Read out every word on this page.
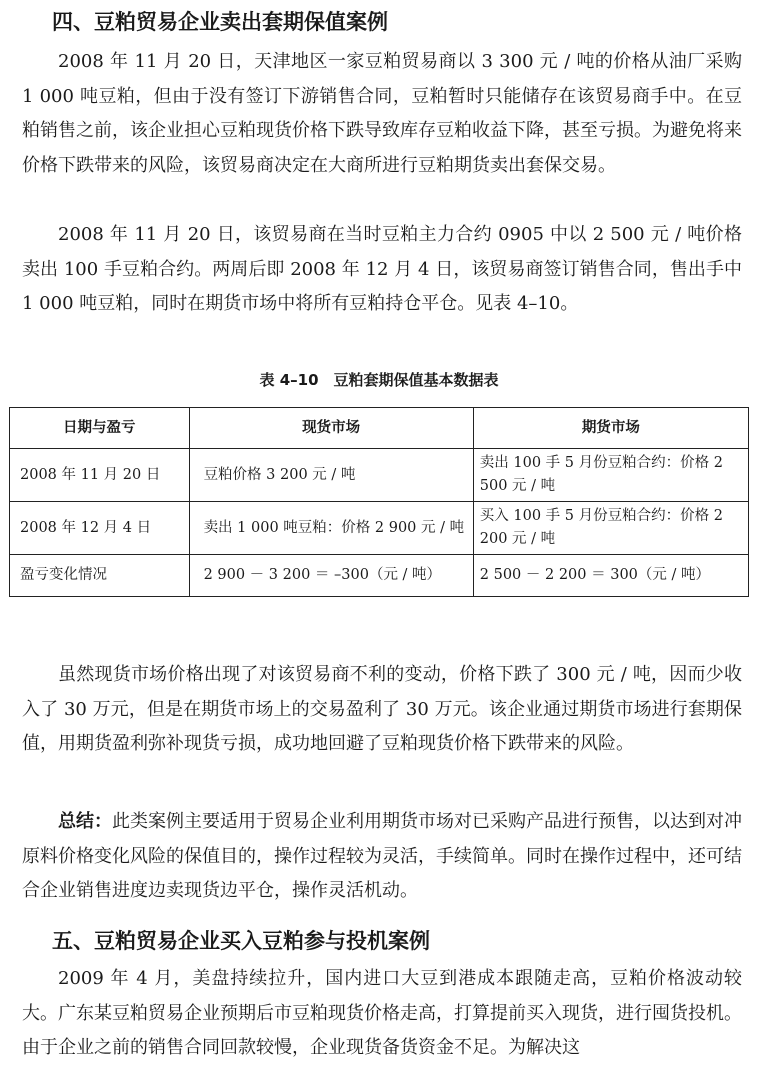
四、豆粕贸易企业卖出套期保值案例
2008 年 11 月 20 日，天津地区一家豆粕贸易商以 3 300 元 / 吨的价格从油厂采购 1 000 吨豆粕，但由于没有签订下游销售合同，豆粕暂时只能储存在该贸易商手中。在豆粕销售之前，该企业担心豆粕现货价格下跌导致库存豆粕收益下降，甚至亏损。为避免将来价格下跌带来的风险，该贸易商决定在大商所进行豆粕期货卖出套保交易。
2008 年 11 月 20 日，该贸易商在当时豆粕主力合约 0905 中以 2 500 元 / 吨价格卖出 100 手豆粕合约。两周后即 2008 年 12 月 4 日，该贸易商签订销售合同，售出手中 1 000 吨豆粕，同时在期货市场中将所有豆粕持仓平仓。见表 4–10。
表 4–10　豆粕套期保值基本数据表
日期与盈亏	现货市场	期货市场
2008 年 11 月 20 日	豆粕价格 3 200 元 / 吨	卖出 100 手 5 月份豆粕合约：价格 2 500 元 / 吨
2008 年 12 月 4 日	卖出 1 000 吨豆粕：价格 2 900 元 / 吨	买入 100 手 5 月份豆粕合约：价格 2 200 元 / 吨
盈亏变化情况	2 900 － 3 200 ＝ –300（元 / 吨）	2 500 － 2 200 ＝ 300（元 / 吨）
虽然现货市场价格出现了对该贸易商不利的变动，价格下跌了 300 元 / 吨，因而少收入了 30 万元，但是在期货市场上的交易盈利了 30 万元。该企业通过期货市场进行套期保值，用期货盈利弥补现货亏损，成功地回避了豆粕现货价格下跌带来的风险。
总结：此类案例主要适用于贸易企业利用期货市场对已采购产品进行预售，以达到对冲原料价格变化风险的保值目的，操作过程较为灵活，手续简单。同时在操作过程中，还可结合企业销售进度边卖现货边平仓，操作灵活机动。
五、豆粕贸易企业买入豆粕参与投机案例
2009 年 4 月，美盘持续拉升，国内进口大豆到港成本跟随走高，豆粕价格波动较大。广东某豆粕贸易企业预期后市豆粕现货价格走高，打算提前买入现货，进行囤货投机。由于企业之前的销售合同回款较慢，企业现货备货资金不足。为解决这
